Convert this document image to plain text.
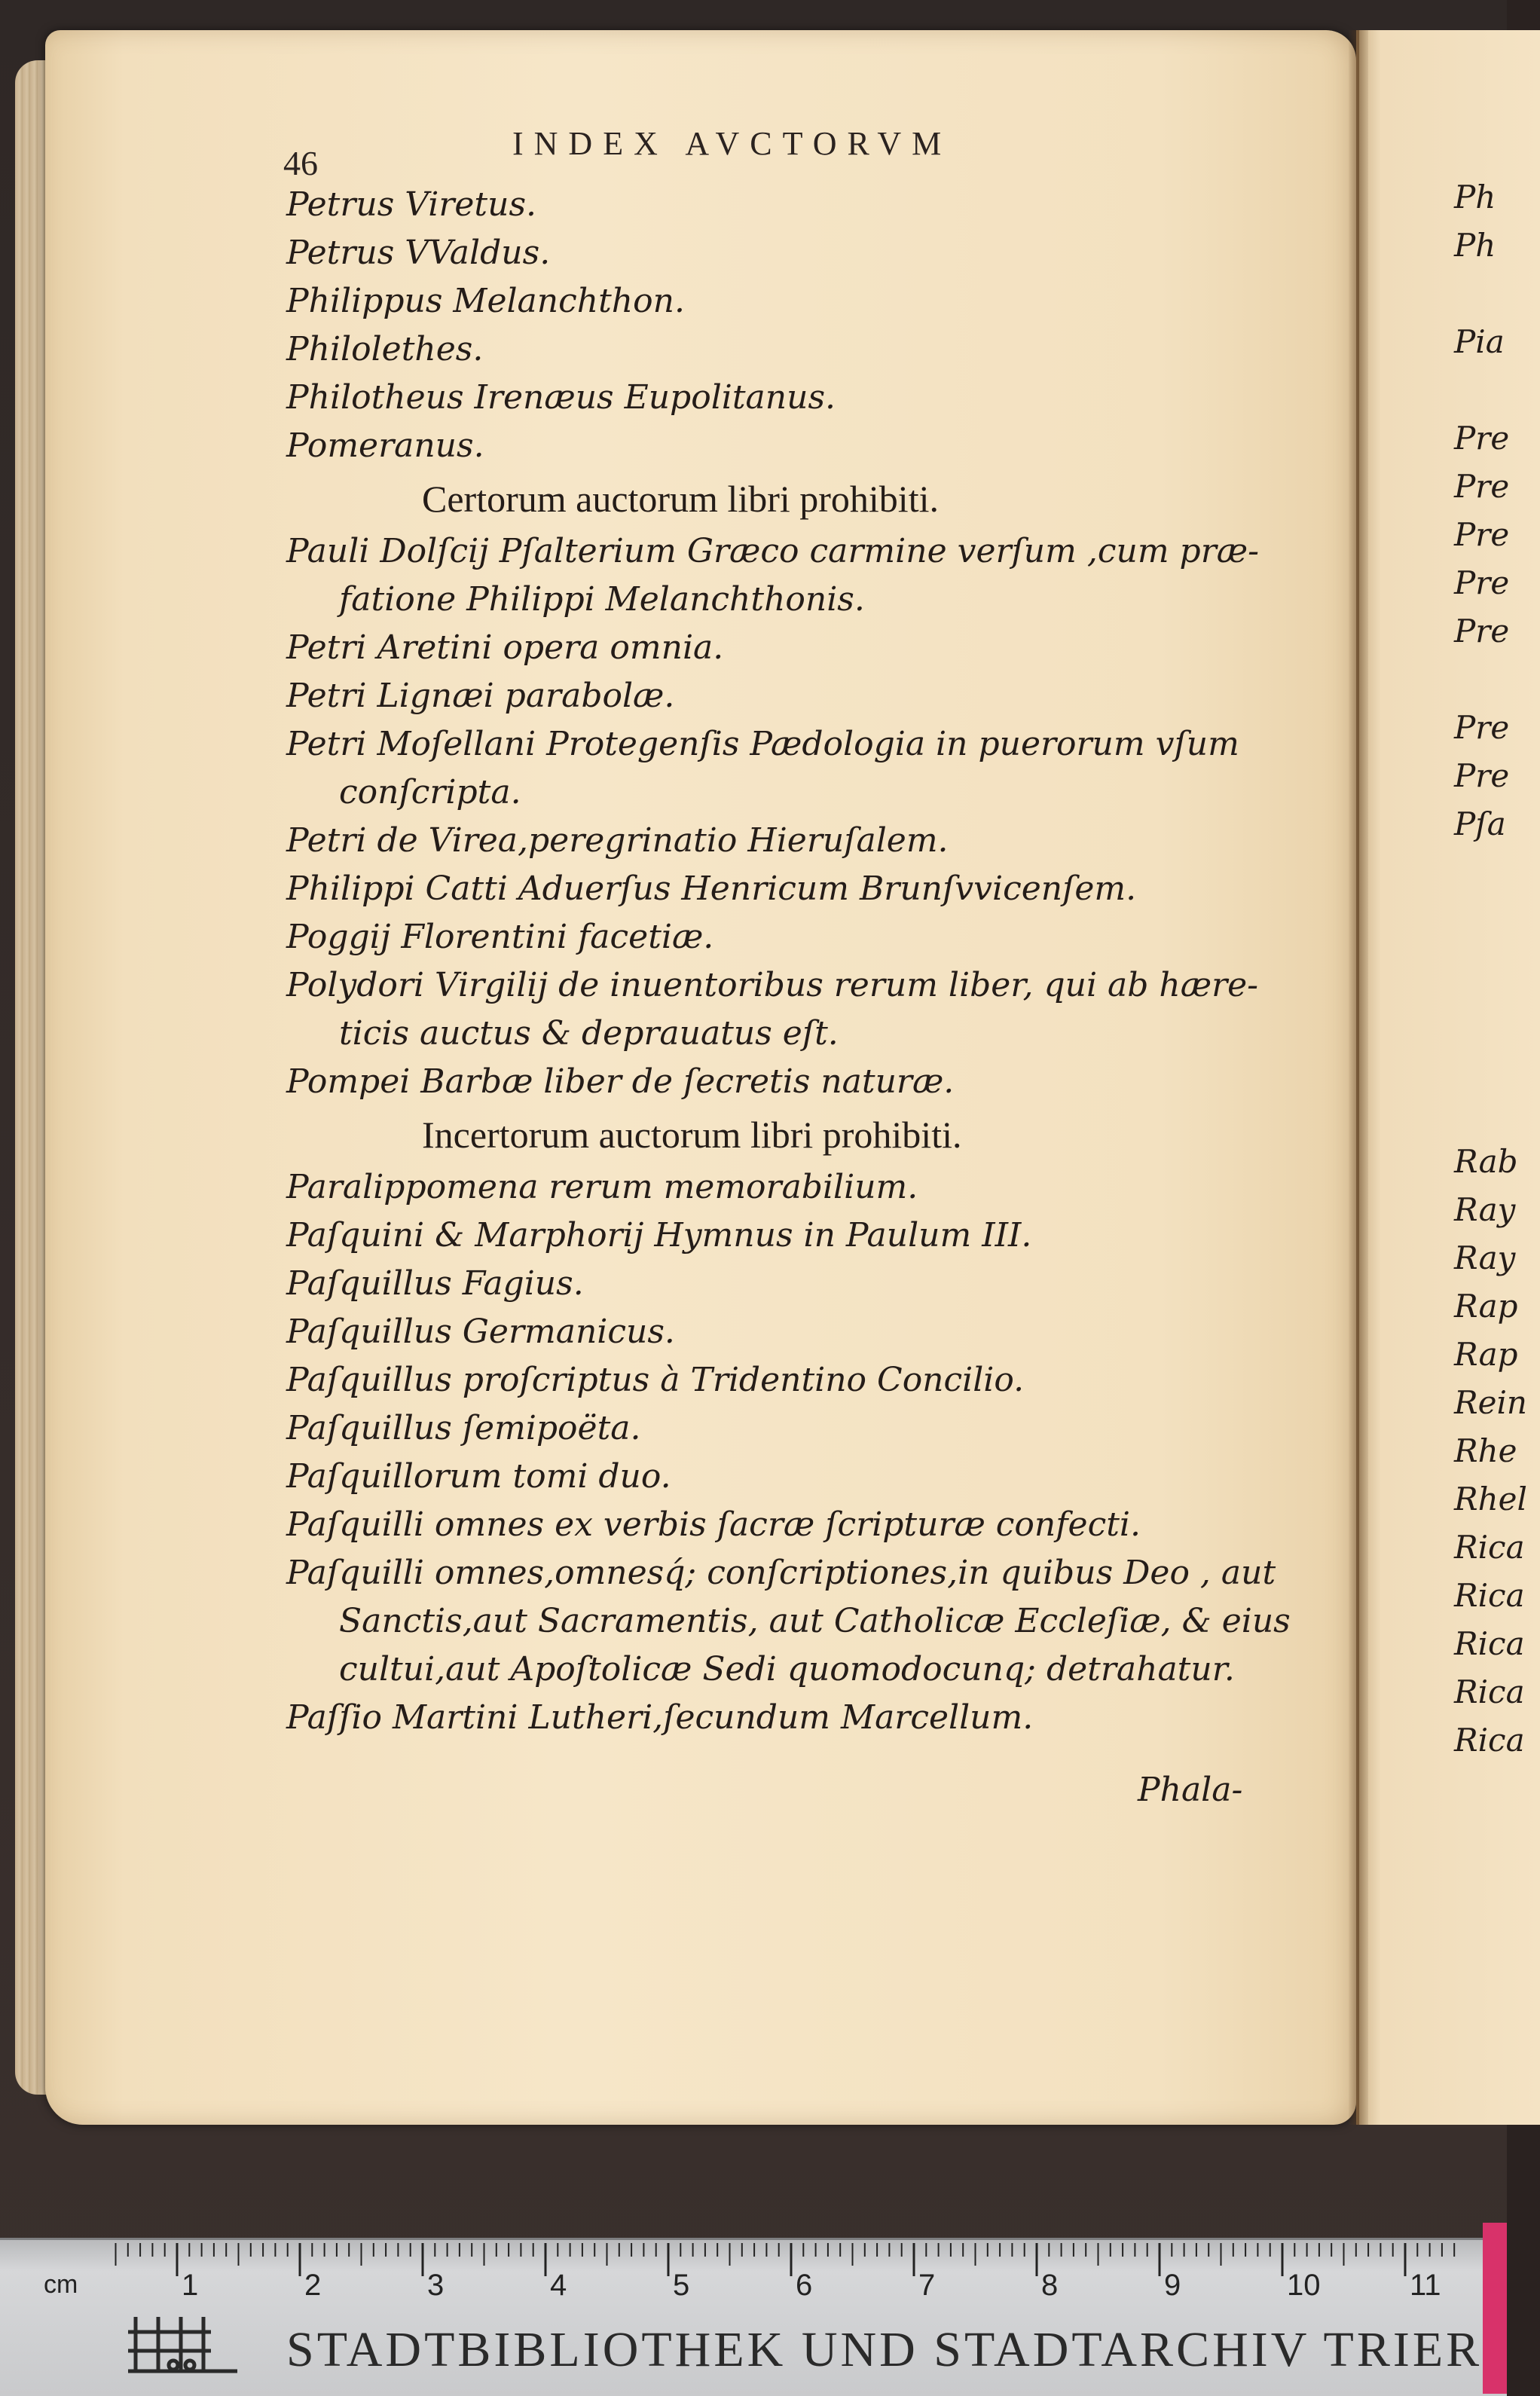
46
INDEX AVCTORVM
Petrus Viretus.
Petrus VValdus.
Philippus Melanchthon.
Philolethes.
Philotheus Irenæus Eupolitanus.
Pomeranus.
Certorum auctorum libri prohibiti.
Pauli Dolſcij Pſalterium Græco carmine verſum ,cum præ-
fatione Philippi Melanchthonis.
Petri Aretini opera omnia.
Petri Lignæi parabolæ.
Petri Moſellani Protegenſis Pædologia in puerorum vſum
conſcripta.
Petri de Virea,peregrinatio Hieruſalem.
Philippi Catti Aduerſus Henricum Brunſvvicenſem.
Poggij Florentini facetiæ.
Polydori Virgilij de inuentoribus rerum liber, qui ab hære-
ticis auctus & deprauatus eſt.
Pompei Barbæ liber de ſecretis naturæ.
Incertorum auctorum libri prohibiti.
Paralippomena rerum memorabilium.
Paſquini & Marphorij Hymnus in Paulum III.
Paſquillus Fagius.
Paſquillus Germanicus.
Paſquillus proſcriptus à Tridentino Concilio.
Paſquillus ſemipoëta.
Paſquillorum tomi duo.
Paſquilli omnes ex verbis ſacræ ſcripturæ confecti.
Paſquilli omnes,omnesq́; conſcriptiones,in quibus Deo , aut
Sanctis,aut Sacramentis, aut Catholicæ Eccleſiæ, & eius
cultui,aut Apoſtolicæ Sedi quomodocunq; detrahatur.
Paſſio Martini Lutheri,ſecundum Marcellum.
Phala-
Ph
Ph

Pia

Pre
Pre
Pre
Pre
Pre

Pre
Pre
Pſa

Rab
Ray
Ray
Rap
Rap
Rein
Rhe
Rhel
Rica
Rica
Rica
Rica
Rica
cm	1	2	3	4	5	6	7	8	9	10	11
STADTBIBLIOTHEK UND STADTARCHIV TRIER
